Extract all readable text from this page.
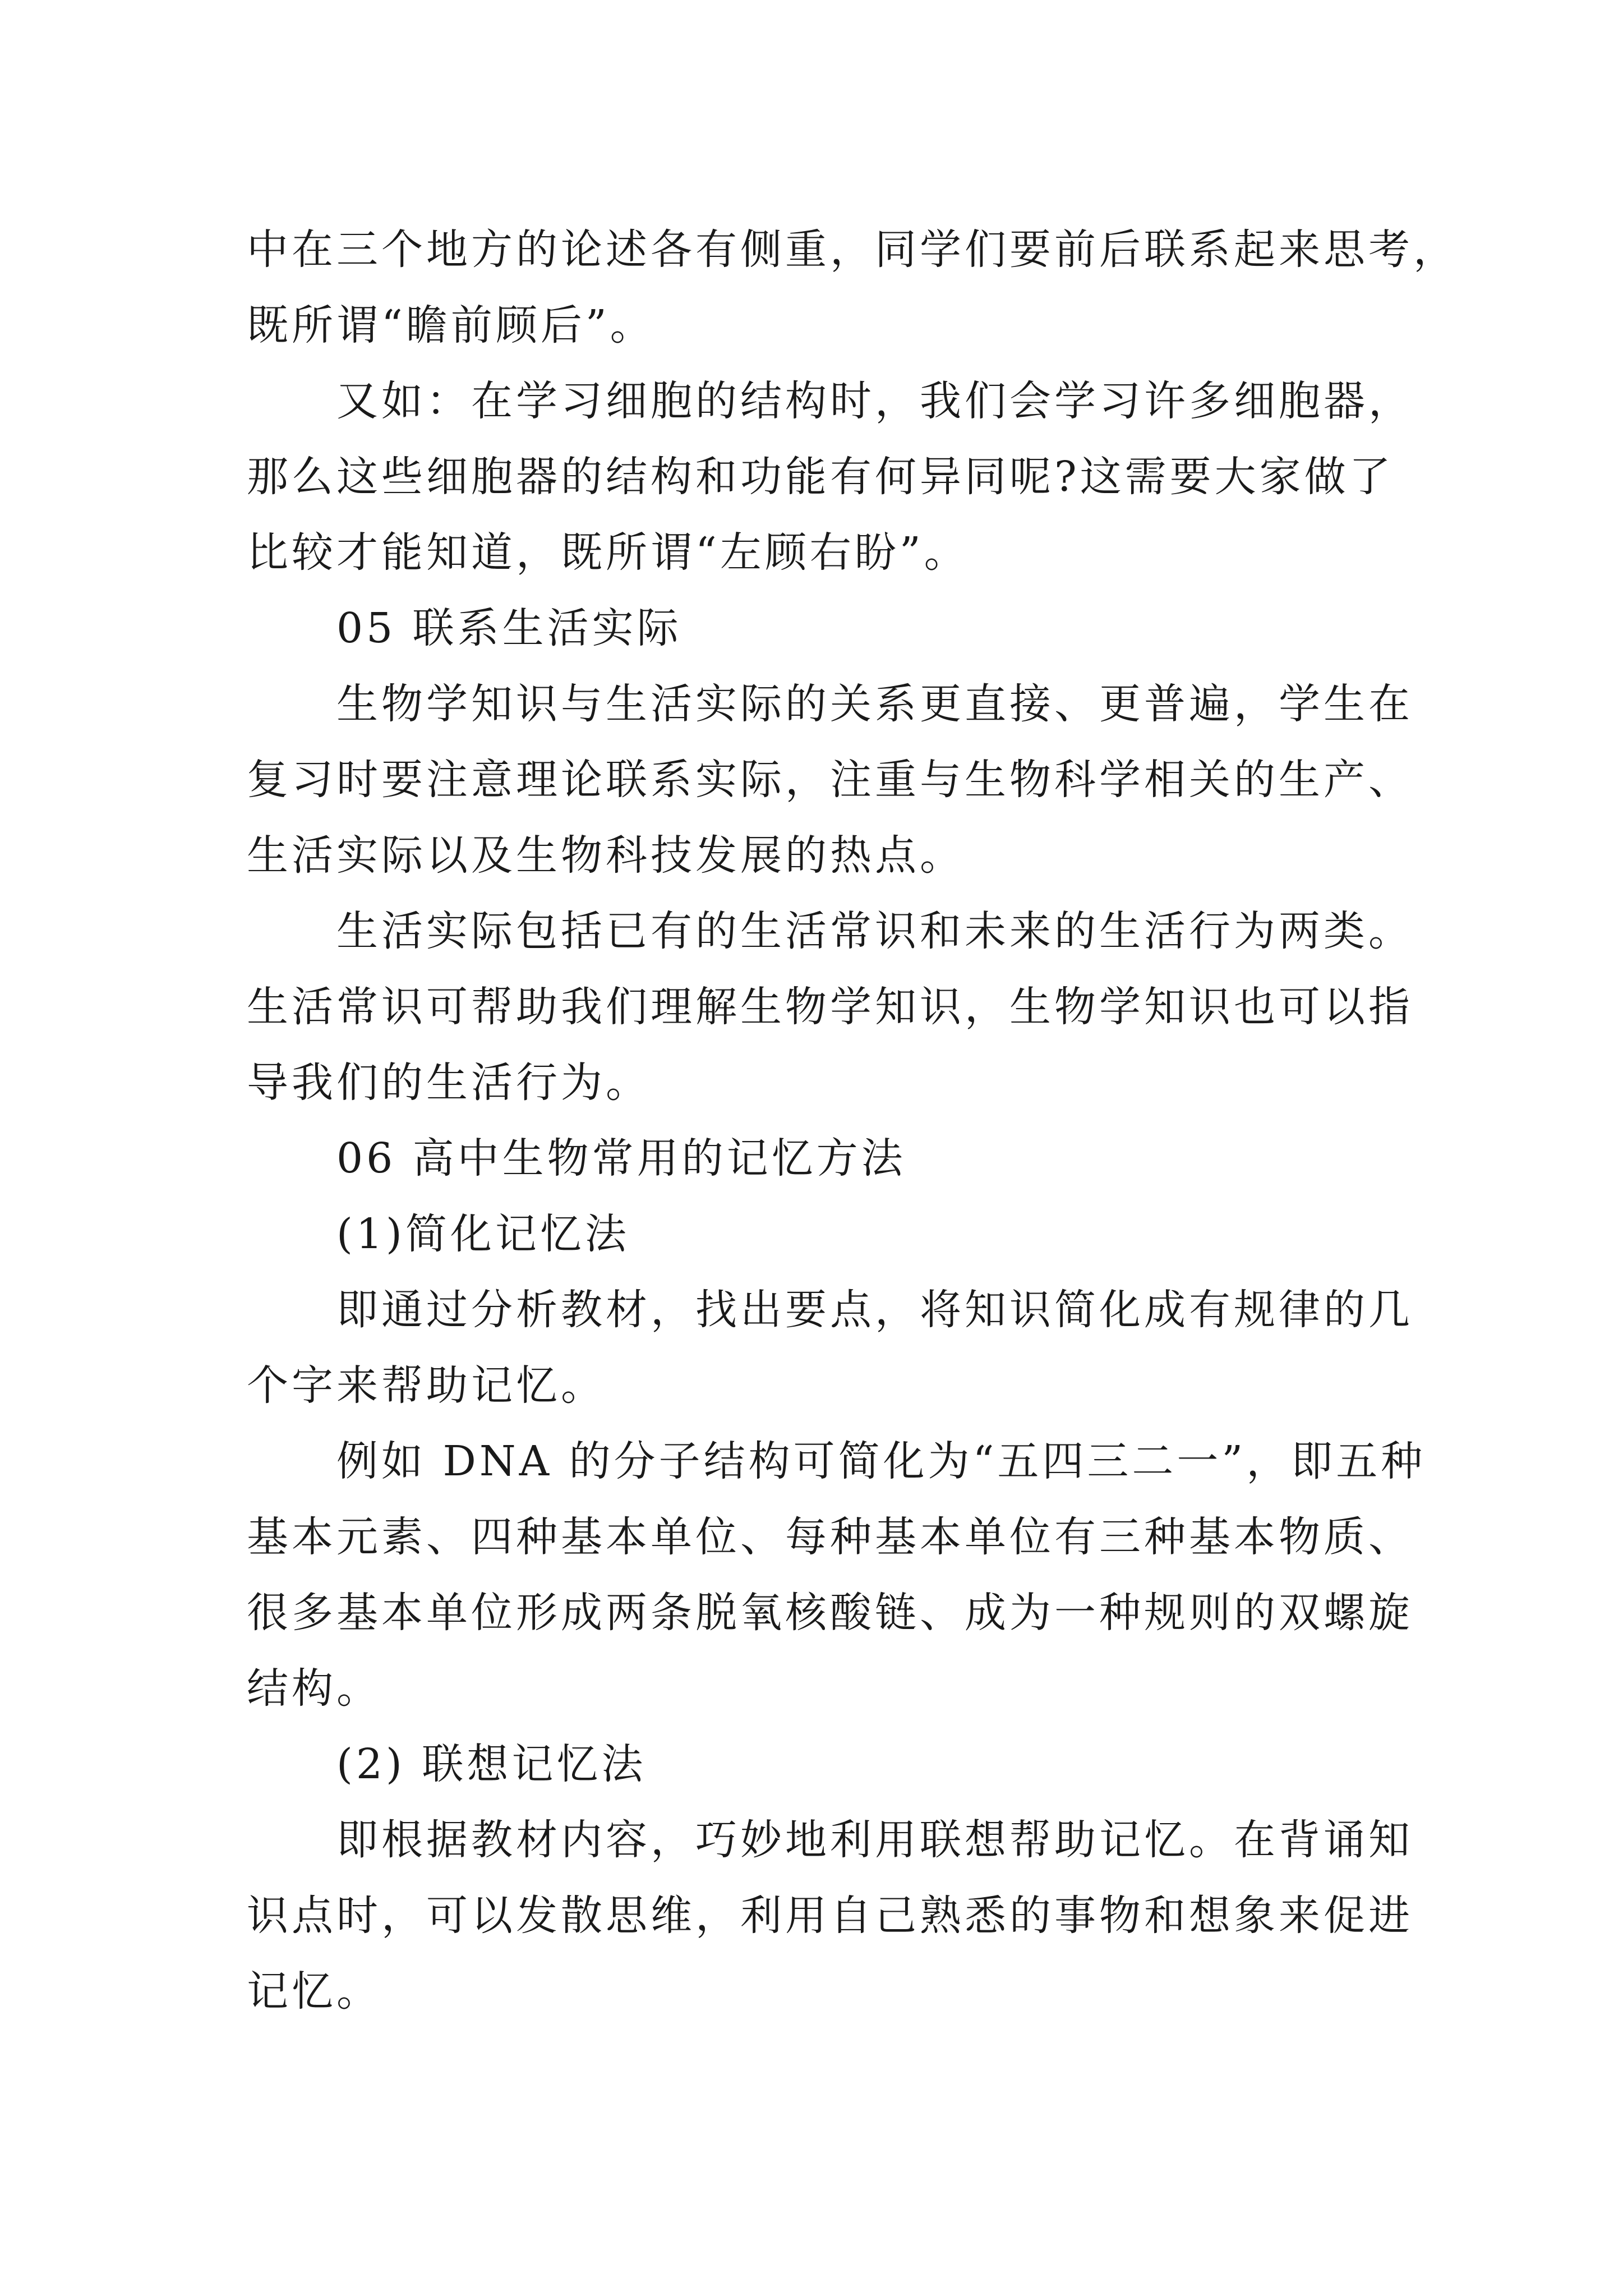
中在三个地方的论述各有侧重，同学们要前后联系起来思考，
既所谓“瞻前顾后”。
又如：在学习细胞的结构时，我们会学习许多细胞器，
那么这些细胞器的结构和功能有何异同呢?这需要大家做了
比较才能知道，既所谓“左顾右盼”。
05 联系生活实际
生物学知识与生活实际的关系更直接、更普遍，学生在
复习时要注意理论联系实际，注重与生物科学相关的生产、
生活实际以及生物科技发展的热点。
生活实际包括已有的生活常识和未来的生活行为两类。
生活常识可帮助我们理解生物学知识，生物学知识也可以指
导我们的生活行为。
06 高中生物常用的记忆方法
(1)简化记忆法
即通过分析教材，找出要点，将知识简化成有规律的几
个字来帮助记忆。
例如 DNA 的分子结构可简化为“五四三二一”，即五种
基本元素、四种基本单位、每种基本单位有三种基本物质、
很多基本单位形成两条脱氧核酸链、成为一种规则的双螺旋
结构。
(2) 联想记忆法
即根据教材内容，巧妙地利用联想帮助记忆。在背诵知
识点时，可以发散思维，利用自己熟悉的事物和想象来促进
记忆。
